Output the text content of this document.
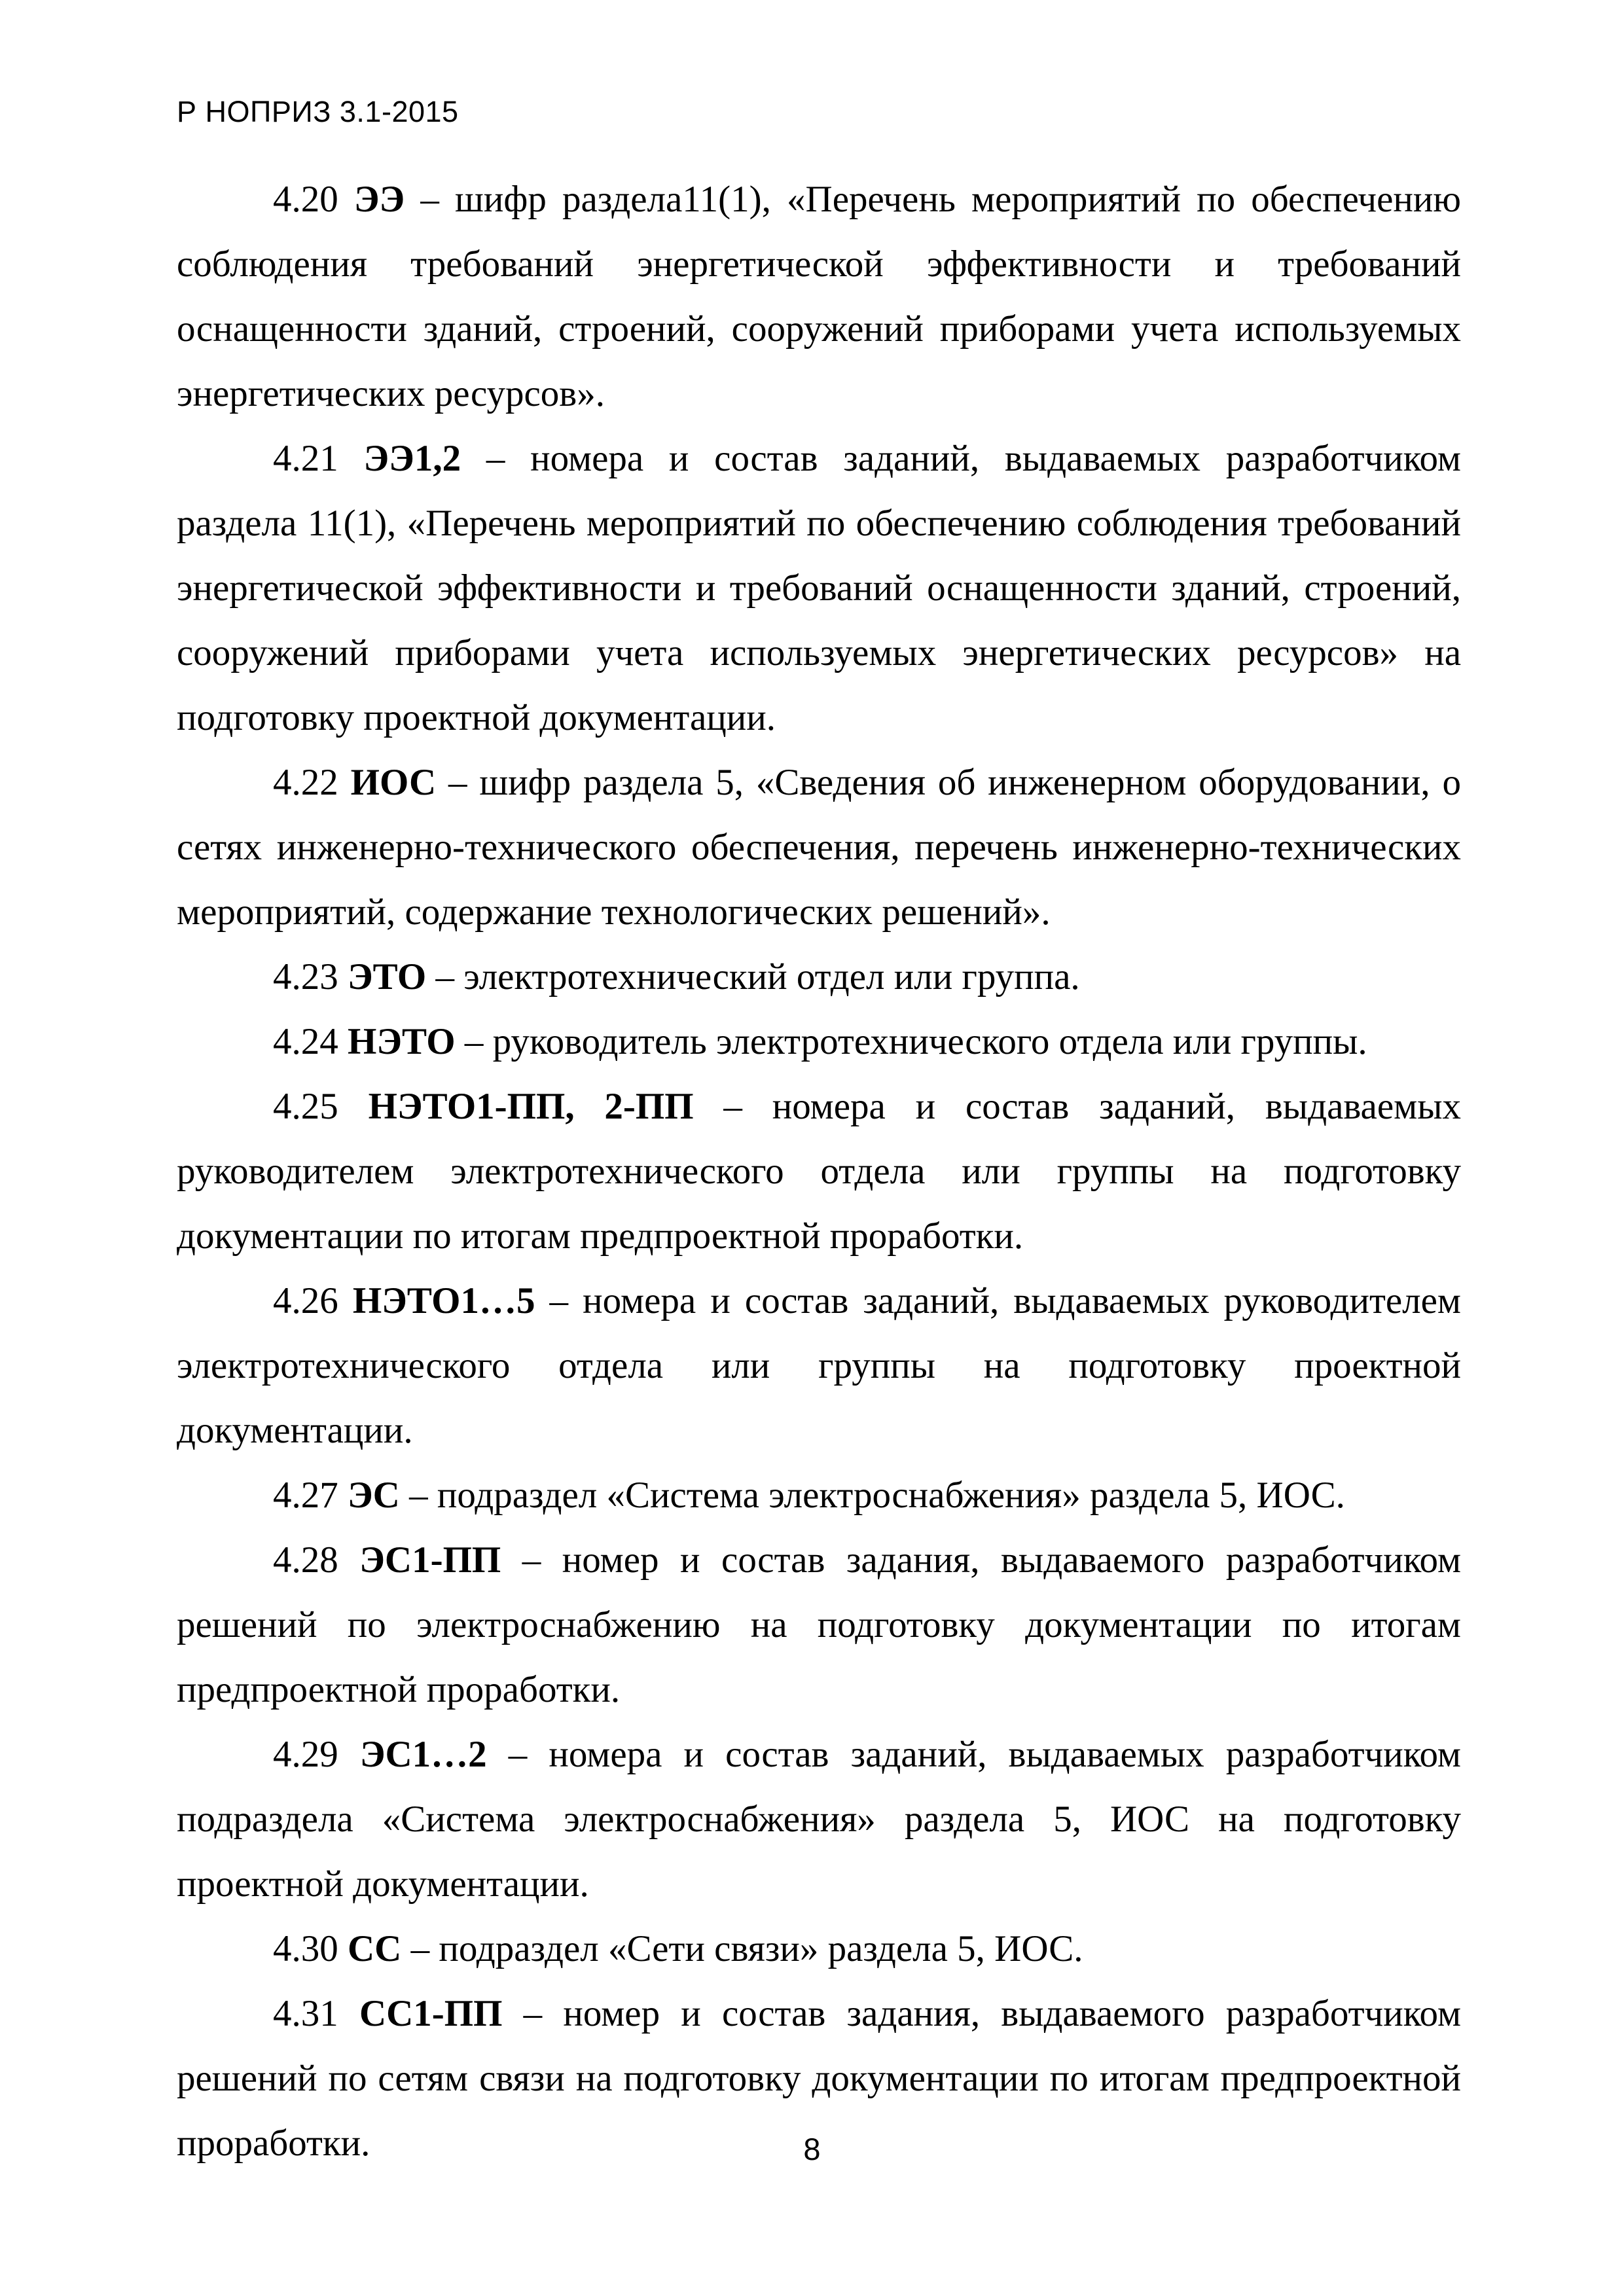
Р НОПРИЗ 3.1-2015

4.20 ЭЭ – шифр раздела11(1), «Перечень мероприятий по обеспечению соблюдения требований энергетической эффективности и требований оснащенности зданий, строений, сооружений приборами учета используемых энергетических ресурсов».

4.21 ЭЭ1,2 – номера и состав заданий, выдаваемых разработчиком раздела 11(1), «Перечень мероприятий по обеспечению соблюдения требований энергетической эффективности и требований оснащенности зданий, строений, сооружений приборами учета используемых энергетических ресурсов» на подготовку проектной документации.

4.22 ИОС – шифр раздела 5, «Сведения об инженерном оборудовании, о сетях инженерно-технического обеспечения, перечень инженерно-технических мероприятий, содержание технологических решений».

4.23 ЭТО – электротехнический отдел или группа.

4.24 НЭТО – руководитель электротехнического отдела или группы.

4.25 НЭТО1-ПП, 2-ПП – номера и состав заданий, выдаваемых руководителем электротехнического отдела или группы на подготовку документации по итогам предпроектной проработки.

4.26 НЭТО1…5 – номера и состав заданий, выдаваемых руководителем электротехнического отдела или группы на подготовку проектной документации.

4.27 ЭС – подраздел «Система электроснабжения» раздела 5, ИОС.

4.28 ЭС1-ПП – номер и состав задания, выдаваемого разработчиком решений по электроснабжению на подготовку документации по итогам предпроектной проработки.

4.29 ЭС1…2 – номера и состав заданий, выдаваемых разработчиком подраздела «Система электроснабжения» раздела 5, ИОС на подготовку проектной документации.

4.30 СС – подраздел «Сети связи» раздела 5, ИОС.

4.31 СС1-ПП – номер и состав задания, выдаваемого разработчиком решений по сетям связи на подготовку документации по итогам предпроектной проработки.	8
